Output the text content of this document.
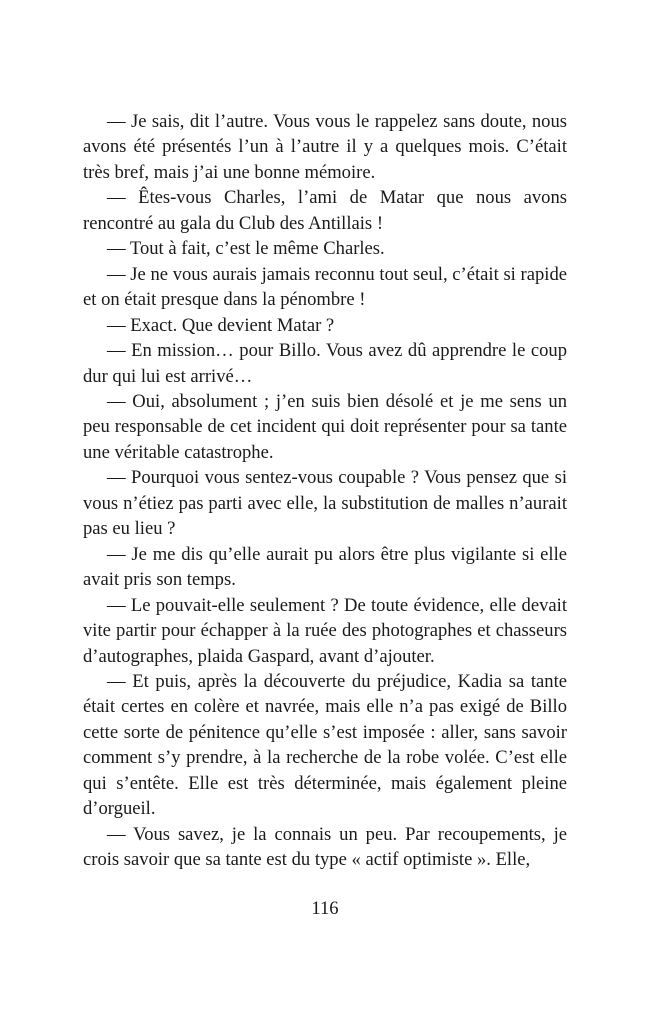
— Je sais, dit l’autre. Vous vous le rappelez sans doute, nous avons été présentés l’un à l’autre il y a quelques mois. C’était très bref, mais j’ai une bonne mémoire.

— Êtes-vous Charles, l’ami de Matar que nous avons rencontré au gala du Club des Antillais !

— Tout à fait, c’est le même Charles.

— Je ne vous aurais jamais reconnu tout seul, c’était si rapide et on était presque dans la pénombre !

— Exact. Que devient Matar ?

— En mission… pour Billo. Vous avez dû apprendre le coup dur qui lui est arrivé…

— Oui, absolument ; j’en suis bien désolé et je me sens un peu responsable de cet incident qui doit représenter pour sa tante une véritable catastrophe.

— Pourquoi vous sentez-vous coupable ? Vous pensez que si vous n’étiez pas parti avec elle, la substitution de malles n’aurait pas eu lieu ?

— Je me dis qu’elle aurait pu alors être plus vigilante si elle avait pris son temps.

— Le pouvait-elle seulement ? De toute évidence, elle devait vite partir pour échapper à la ruée des photographes et chasseurs d’autographes, plaida Gaspard, avant d’ajouter.

— Et puis, après la découverte du préjudice, Kadia sa tante était certes en colère et navrée, mais elle n’a pas exigé de Billo cette sorte de pénitence qu’elle s’est imposée : aller, sans savoir comment s’y prendre, à la recherche de la robe volée. C’est elle qui s’entête. Elle est très déterminée, mais également pleine d’orgueil.

— Vous savez, je la connais un peu. Par recoupements, je crois savoir que sa tante est du type « actif optimiste ». Elle,

116
